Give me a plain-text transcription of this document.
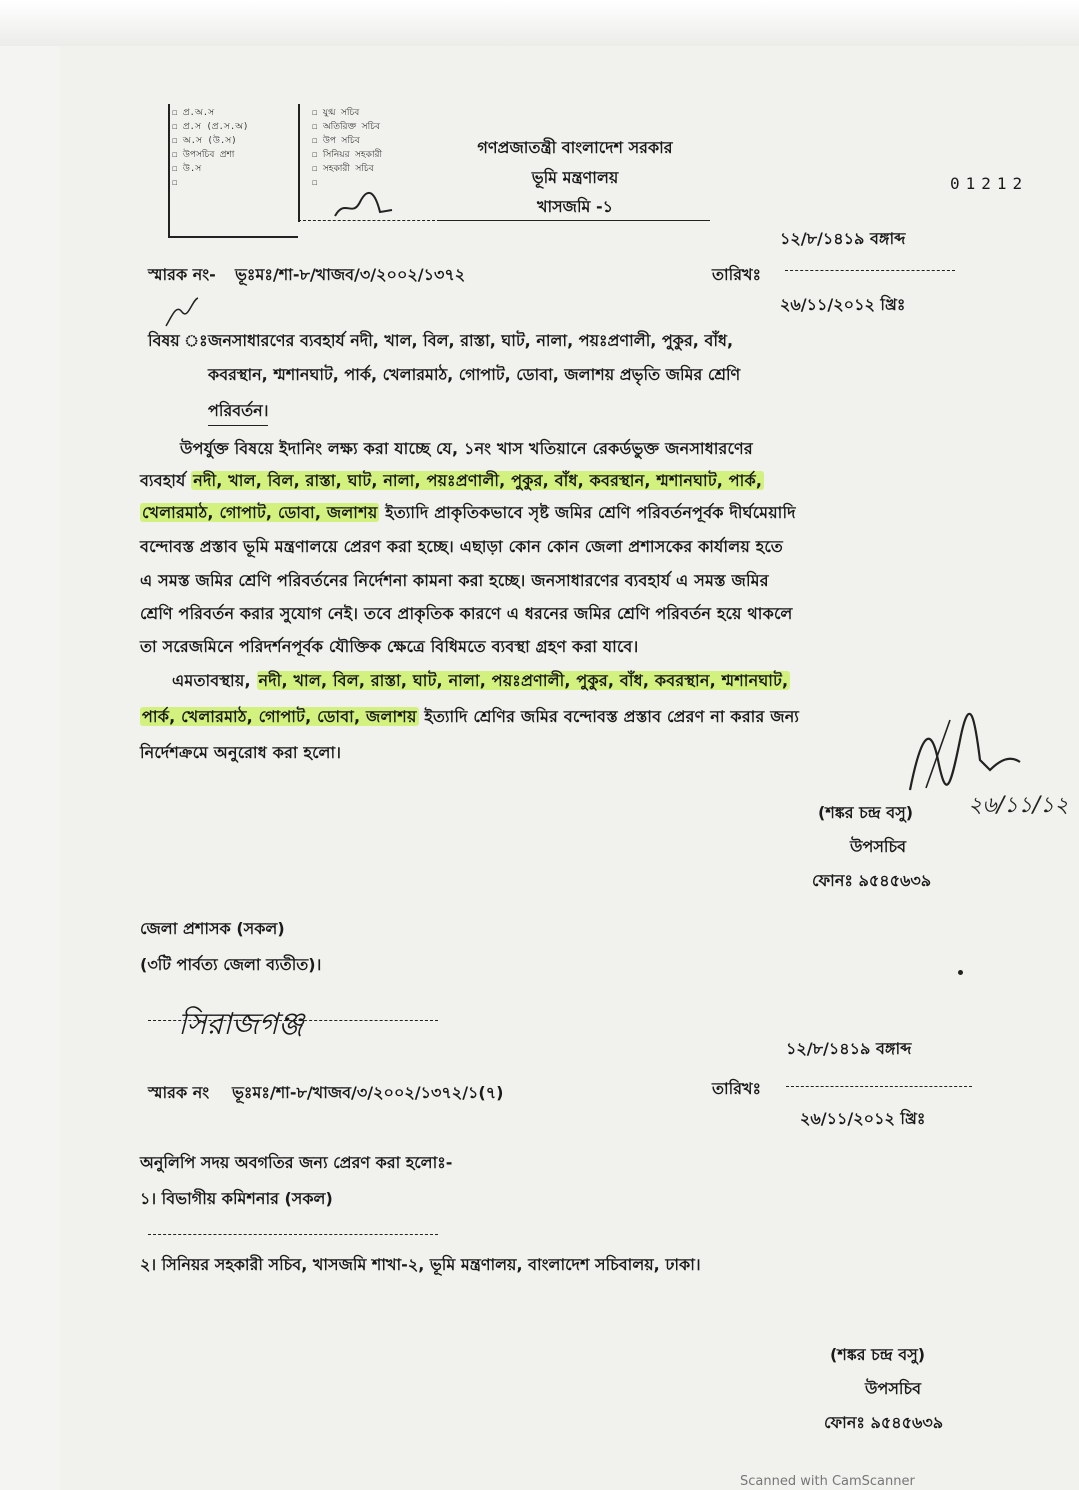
☐ প্র.অ.স
☐ প্র.স (প্র.স.অ)
☐ অ.স (উ.স)
☐ উপসচিব প্রশা
☐ উ.স
☐
☐ যুগ্ম সচিব
☐ অতিরিক্ত সচিব
☐ উপ সচিব
☐ সিনিয়র সহকারী
☐ সহকারী সচিব
☐
গণপ্রজাতন্ত্রী বাংলাদেশ সরকার
ভূমি মন্ত্রণালয়
খাসজমি -১
01212
১২/৮/১৪১৯ বঙ্গাব্দ
স্মারক নং- ভূঃমঃ/শা-৮/খাজব/৩/২০০২/১৩৭২	তারিখঃ
২৬/১১/২০১২ খ্রিঃ
বিষয় ঃ জনসাধারণের ব্যবহার্য নদী, খাল, বিল, রাস্তা, ঘাট, নালা, পয়ঃপ্রণালী, পুকুর, বাঁধ,
কবরস্থান, শ্মশানঘাট, পার্ক, খেলারমাঠ, গোপাট, ডোবা, জলাশয় প্রভৃতি জমির শ্রেণি
পরিবর্তন।
উপর্যুক্ত বিষয়ে ইদানিং লক্ষ্য করা যাচ্ছে যে, ১নং খাস খতিয়ানে রেকর্ডভুক্ত জনসাধারণের
ব্যবহার্য নদী, খাল, বিল, রাস্তা, ঘাট, নালা, পয়ঃপ্রণালী, পুকুর, বাঁধ, কবরস্থান, শ্মশানঘাট, পার্ক,
খেলারমাঠ, গোপাট, ডোবা, জলাশয় ইত্যাদি প্রাকৃতিকভাবে সৃষ্ট জমির শ্রেণি পরিবর্তনপূর্বক দীর্ঘমেয়াদি
বন্দোবস্ত প্রস্তাব ভূমি মন্ত্রণালয়ে প্রেরণ করা হচ্ছে। এছাড়া কোন কোন জেলা প্রশাসকের কার্যালয় হতে
এ সমস্ত জমির শ্রেণি পরিবর্তনের নির্দেশনা কামনা করা হচ্ছে। জনসাধারণের ব্যবহার্য এ সমস্ত জমির
শ্রেণি পরিবর্তন করার সুযোগ নেই। তবে প্রাকৃতিক কারণে এ ধরনের জমির শ্রেণি পরিবর্তন হয়ে থাকলে
তা সরেজমিনে পরিদর্শনপূর্বক যৌক্তিক ক্ষেত্রে বিধিমতে ব্যবস্থা গ্রহণ করা যাবে।
এমতাবস্থায়, নদী, খাল, বিল, রাস্তা, ঘাট, নালা, পয়ঃপ্রণালী, পুকুর, বাঁধ, কবরস্থান, শ্মশানঘাট,
পার্ক, খেলারমাঠ, গোপাট, ডোবা, জলাশয় ইত্যাদি শ্রেণির জমির বন্দোবস্ত প্রস্তাব প্রেরণ না করার জন্য
নির্দেশক্রমে অনুরোধ করা হলো।
(শঙ্কর চন্দ্র বসু) ২৬/১১/১২
উপসচিব
ফোনঃ ৯৫৪৫৬৩৯
জেলা প্রশাসক (সকল)
(৩টি পার্বত্য জেলা ব্যতীত)।
সিরাজগঞ্জ
১২/৮/১৪১৯ বঙ্গাব্দ
স্মারক নং ভূঃমঃ/শা-৮/খাজব/৩/২০০২/১৩৭২/১(৭)	তারিখঃ
২৬/১১/২০১২ খ্রিঃ
অনুলিপি সদয় অবগতির জন্য প্রেরণ করা হলোঃ-
১। বিভাগীয় কমিশনার (সকল)
২। সিনিয়র সহকারী সচিব, খাসজমি শাখা-২, ভূমি মন্ত্রণালয়, বাংলাদেশ সচিবালয়, ঢাকা।
(শঙ্কর চন্দ্র বসু)
উপসচিব
ফোনঃ ৯৫৪৫৬৩৯
Scanned with CamScanner
